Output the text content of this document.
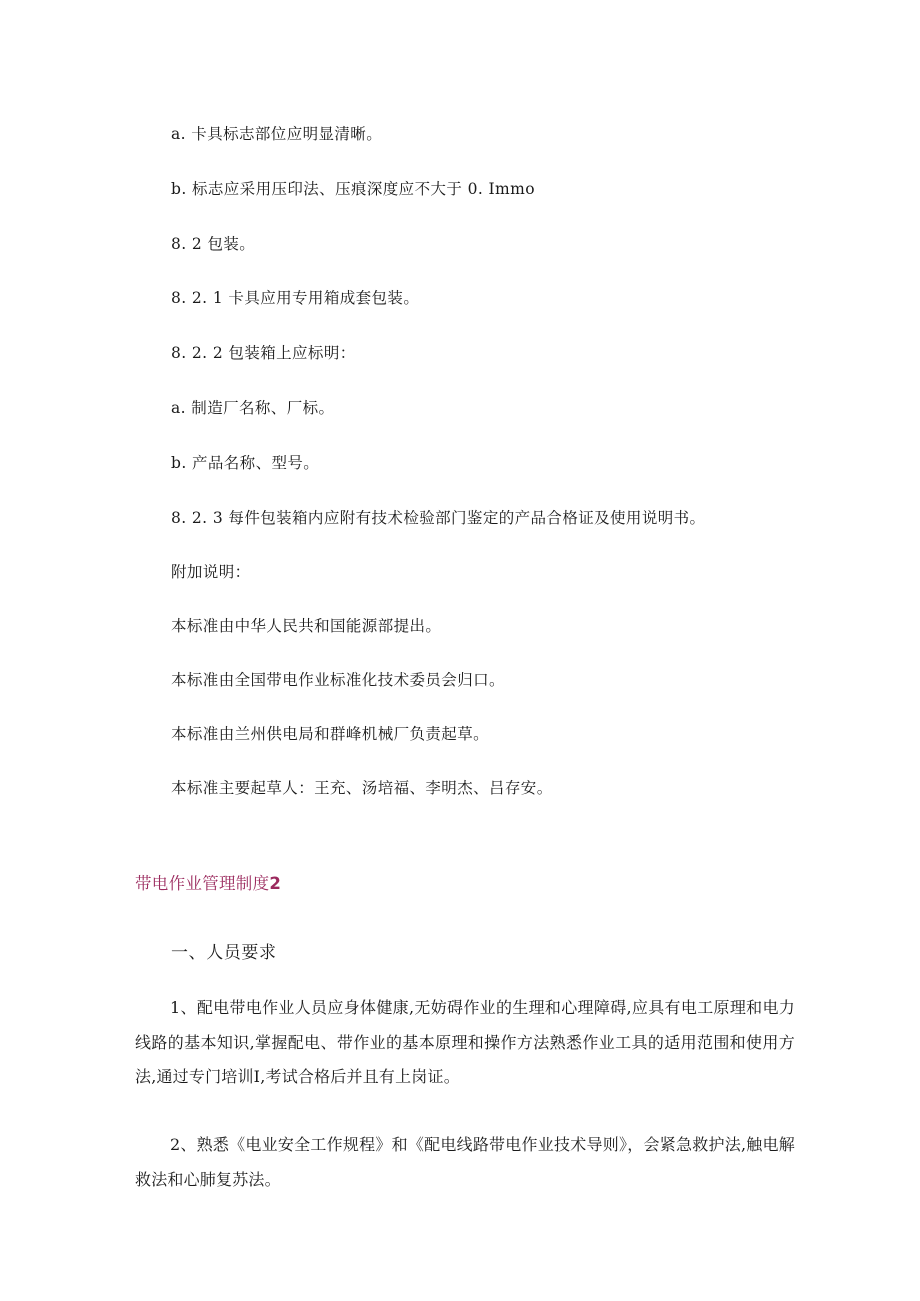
a. 卡具标志部位应明显清晰。
b. 标志应采用压印法、压痕深度应不大于 0. Immo
8. 2 包装。
8. 2. 1 卡具应用专用箱成套包装。
8. 2. 2 包装箱上应标明：
a. 制造厂名称、厂标。
b. 产品名称、型号。
8. 2. 3 每件包装箱内应附有技术检验部门鉴定的产品合格证及使用说明书。
附加说明：
本标准由中华人民共和国能源部提出。
本标准由全国带电作业标准化技术委员会归口。
本标准由兰州供电局和群峰机械厂负责起草。
本标准主要起草人：王充、汤培福、李明杰、吕存安。
带电作业管理制度2
一、人员要求
1、配电带电作业人员应身体健康,无妨碍作业的生理和心理障碍,应具有电工原理和电力线路的基本知识,掌握配电、带作业的基本原理和操作方法熟悉作业工具的适用范围和使用方法,通过专门培训I,考试合格后并且有上岗证。
2、熟悉《电业安全工作规程》和《配电线路带电作业技术导则》，会紧急救护法,触电解救法和心肺复苏法。
